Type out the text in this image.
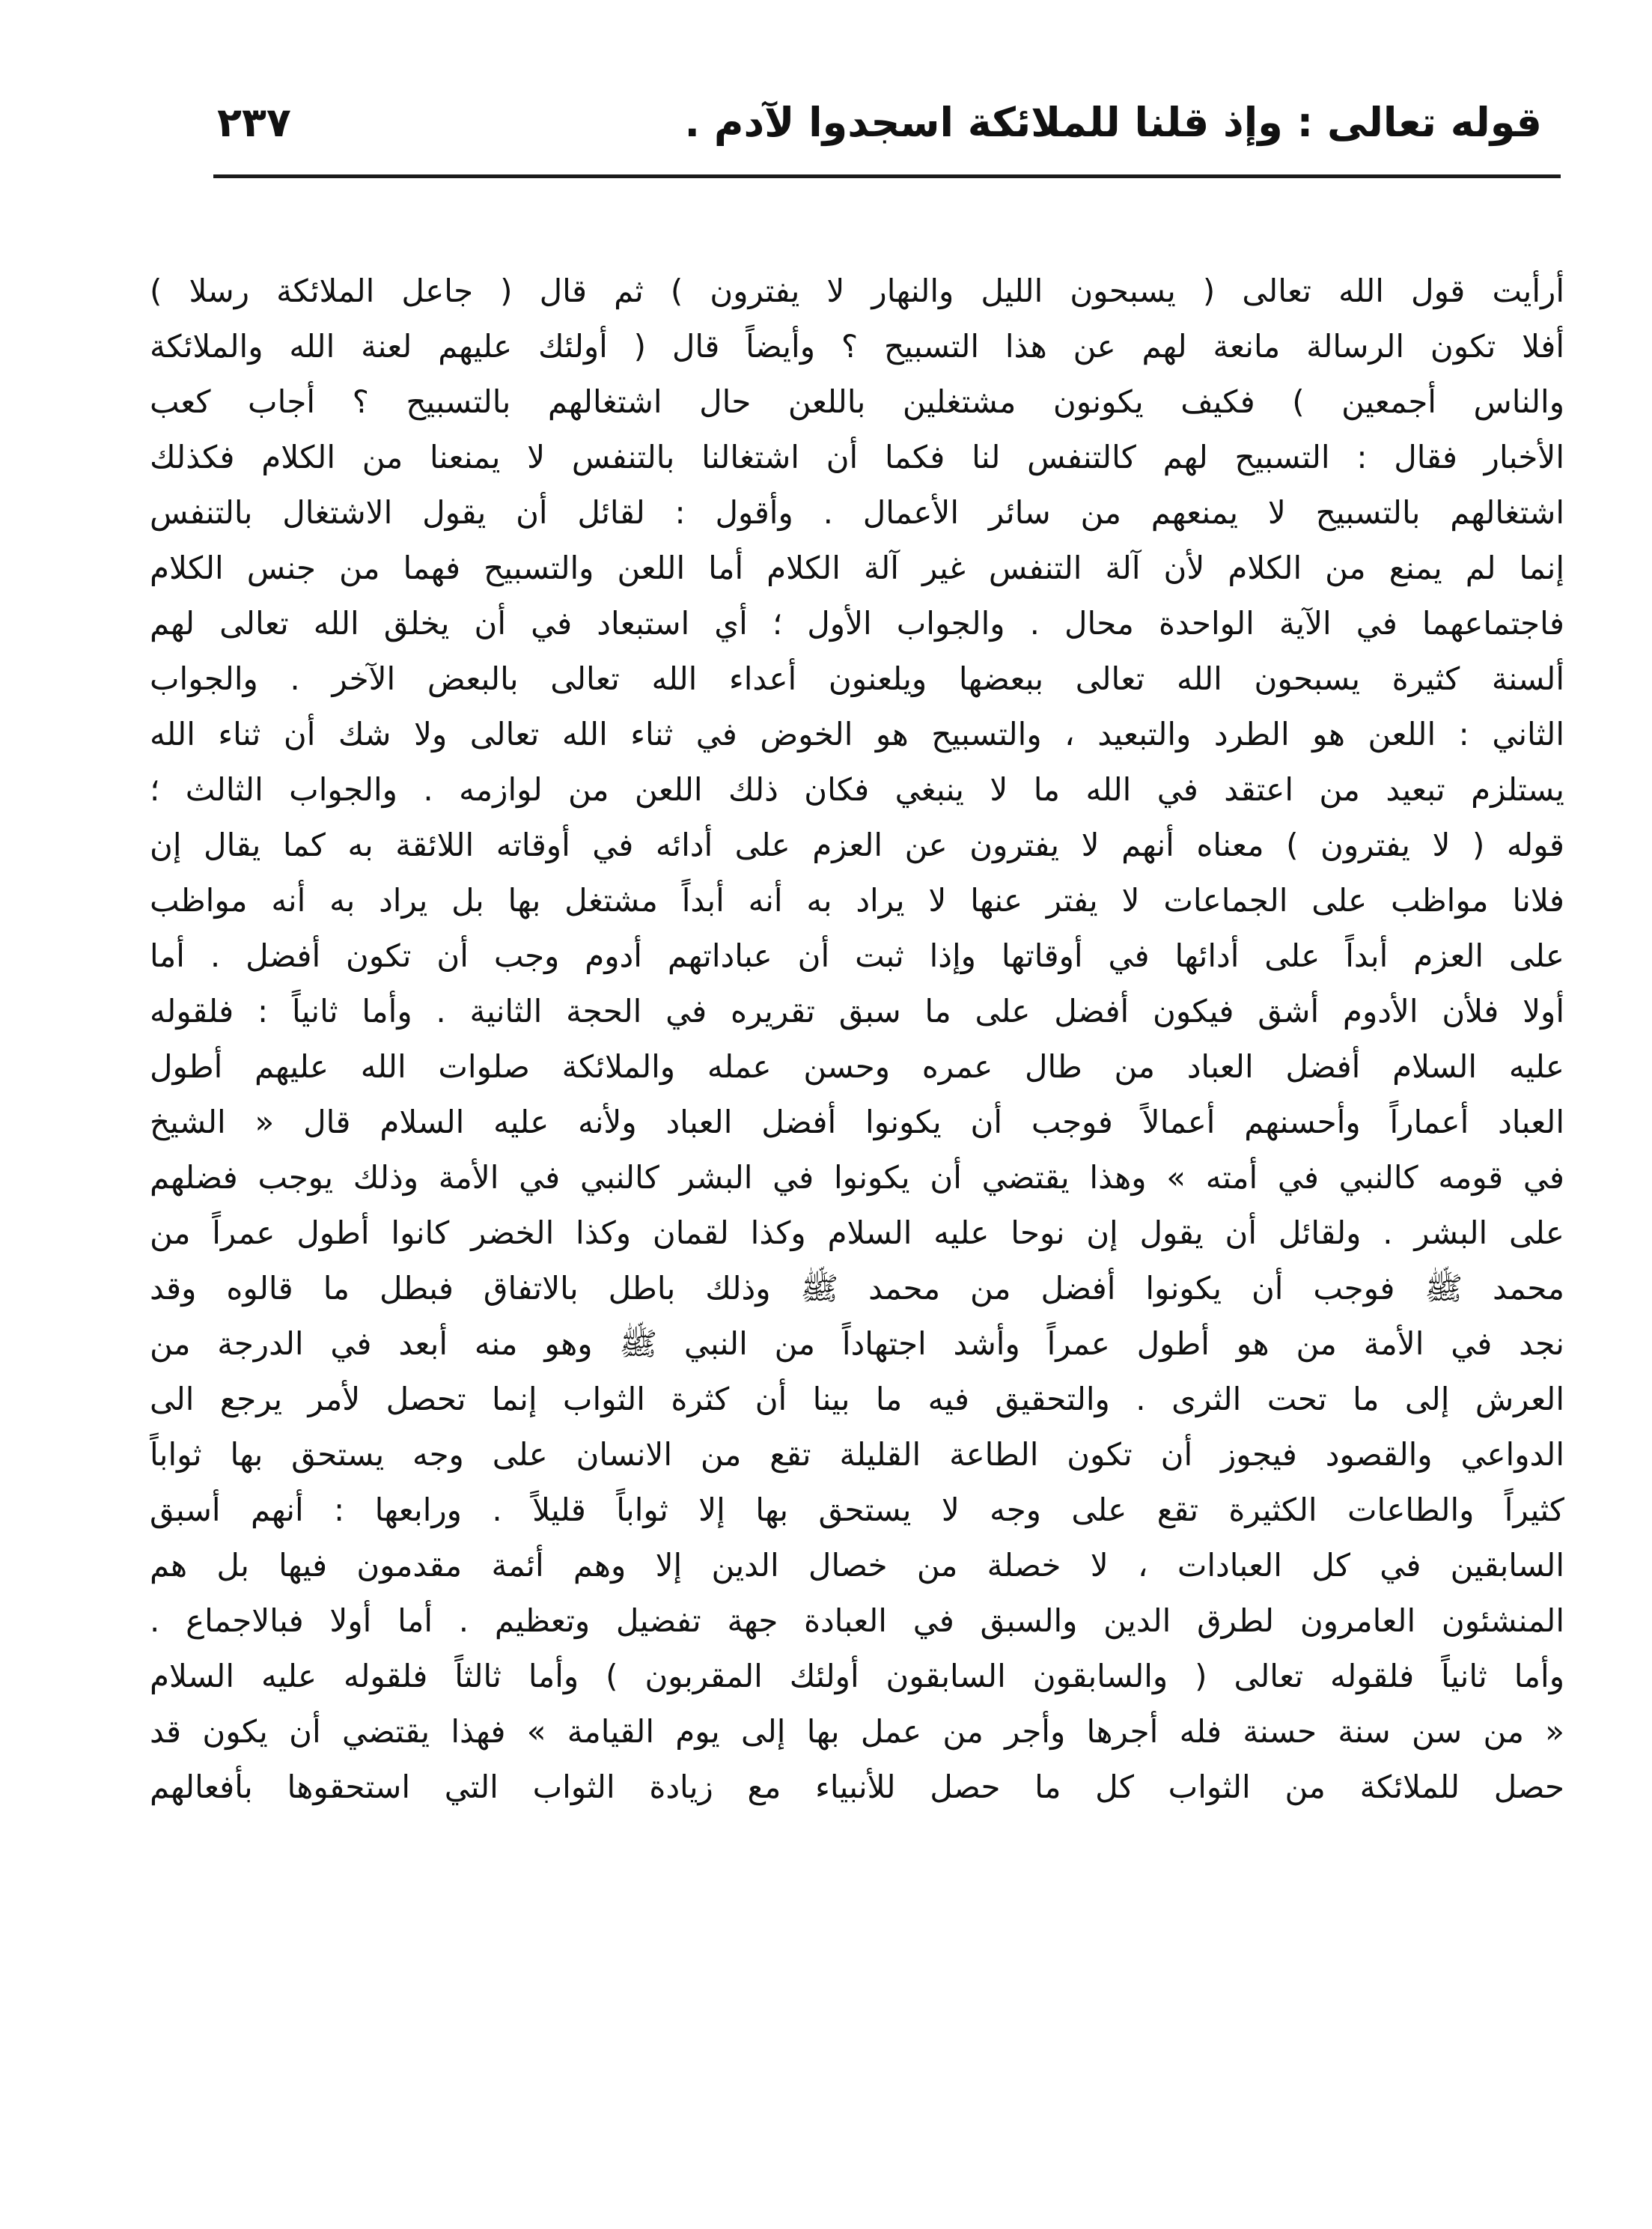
قوله تعالى : وإذ قلنا للملائكة اسجدوا لآدم .
٢٣٧
أرأيت قول الله تعالى ( يسبحون الليل والنهار لا يفترون ) ثم قال ( جاعل الملائكة رسلا )
أفلا تكون الرسالة مانعة لهم عن هذا التسبيح ؟ وأيضاً قال ( أولئك عليهم لعنة الله والملائكة
والناس أجمعين ) فكيف يكونون مشتغلين باللعن حال اشتغالهم بالتسبيح ؟ أجاب كعب
الأخبار فقال : التسبيح لهم كالتنفس لنا فكما أن اشتغالنا بالتنفس لا يمنعنا من الكلام فكذلك
اشتغالهم بالتسبيح لا يمنعهم من سائر الأعمال . وأقول : لقائل أن يقول الاشتغال بالتنفس
إنما لم يمنع من الكلام لأن آلة التنفس غير آلة الكلام أما اللعن والتسبيح فهما من جنس الكلام
فاجتماعهما في الآية الواحدة محال . والجواب الأول ؛ أي استبعاد في أن يخلق الله تعالى لهم
ألسنة كثيرة يسبحون الله تعالى ببعضها ويلعنون أعداء الله تعالى بالبعض الآخر . والجواب
الثاني : اللعن هو الطرد والتبعيد ، والتسبيح هو الخوض في ثناء الله تعالى ولا شك أن ثناء الله
يستلزم تبعيد من اعتقد في الله ما لا ينبغي فكان ذلك اللعن من لوازمه . والجواب الثالث ؛
قوله ( لا يفترون ) معناه أنهم لا يفترون عن العزم على أدائه في أوقاته اللائقة به كما يقال إن
فلانا مواظب على الجماعات لا يفتر عنها لا يراد به أنه أبداً مشتغل بها بل يراد به أنه مواظب
على العزم أبداً على أدائها في أوقاتها وإذا ثبت أن عباداتهم أدوم وجب أن تكون أفضل . أما
أولا فلأن الأدوم أشق فيكون أفضل على ما سبق تقريره في الحجة الثانية . وأما ثانياً : فلقوله
عليه السلام أفضل العباد من طال عمره وحسن عمله والملائكة صلوات الله عليهم أطول
العباد أعماراً وأحسنهم أعمالاً فوجب أن يكونوا أفضل العباد ولأنه عليه السلام قال « الشيخ
في قومه كالنبي في أمته » وهذا يقتضي أن يكونوا في البشر كالنبي في الأمة وذلك يوجب فضلهم
على البشر . ولقائل أن يقول إن نوحا عليه السلام وكذا لقمان وكذا الخضر كانوا أطول عمراً من
محمد ﷺ فوجب أن يكونوا أفضل من محمد ﷺ وذلك باطل بالاتفاق فبطل ما قالوه وقد
نجد في الأمة من هو أطول عمراً وأشد اجتهاداً من النبي ﷺ وهو منه أبعد في الدرجة من
العرش إلى ما تحت الثرى . والتحقيق فيه ما بينا أن كثرة الثواب إنما تحصل لأمر يرجع الى
الدواعي والقصود فيجوز أن تكون الطاعة القليلة تقع من الانسان على وجه يستحق بها ثواباً
كثيراً والطاعات الكثيرة تقع على وجه لا يستحق بها إلا ثواباً قليلاً . ورابعها : أنهم أسبق
السابقين في كل العبادات ، لا خصلة من خصال الدين إلا وهم أئمة مقدمون فيها بل هم
المنشئون العامرون لطرق الدين والسبق في العبادة جهة تفضيل وتعظيم . أما أولا فبالاجماع .
وأما ثانياً فلقوله تعالى ( والسابقون السابقون أولئك المقربون ) وأما ثالثاً فلقوله عليه السلام
« من سن سنة حسنة فله أجرها وأجر من عمل بها إلى يوم القيامة » فهذا يقتضي أن يكون قد
حصل للملائكة من الثواب كل ما حصل للأنبياء مع زيادة الثواب التي استحقوها بأفعالهم
